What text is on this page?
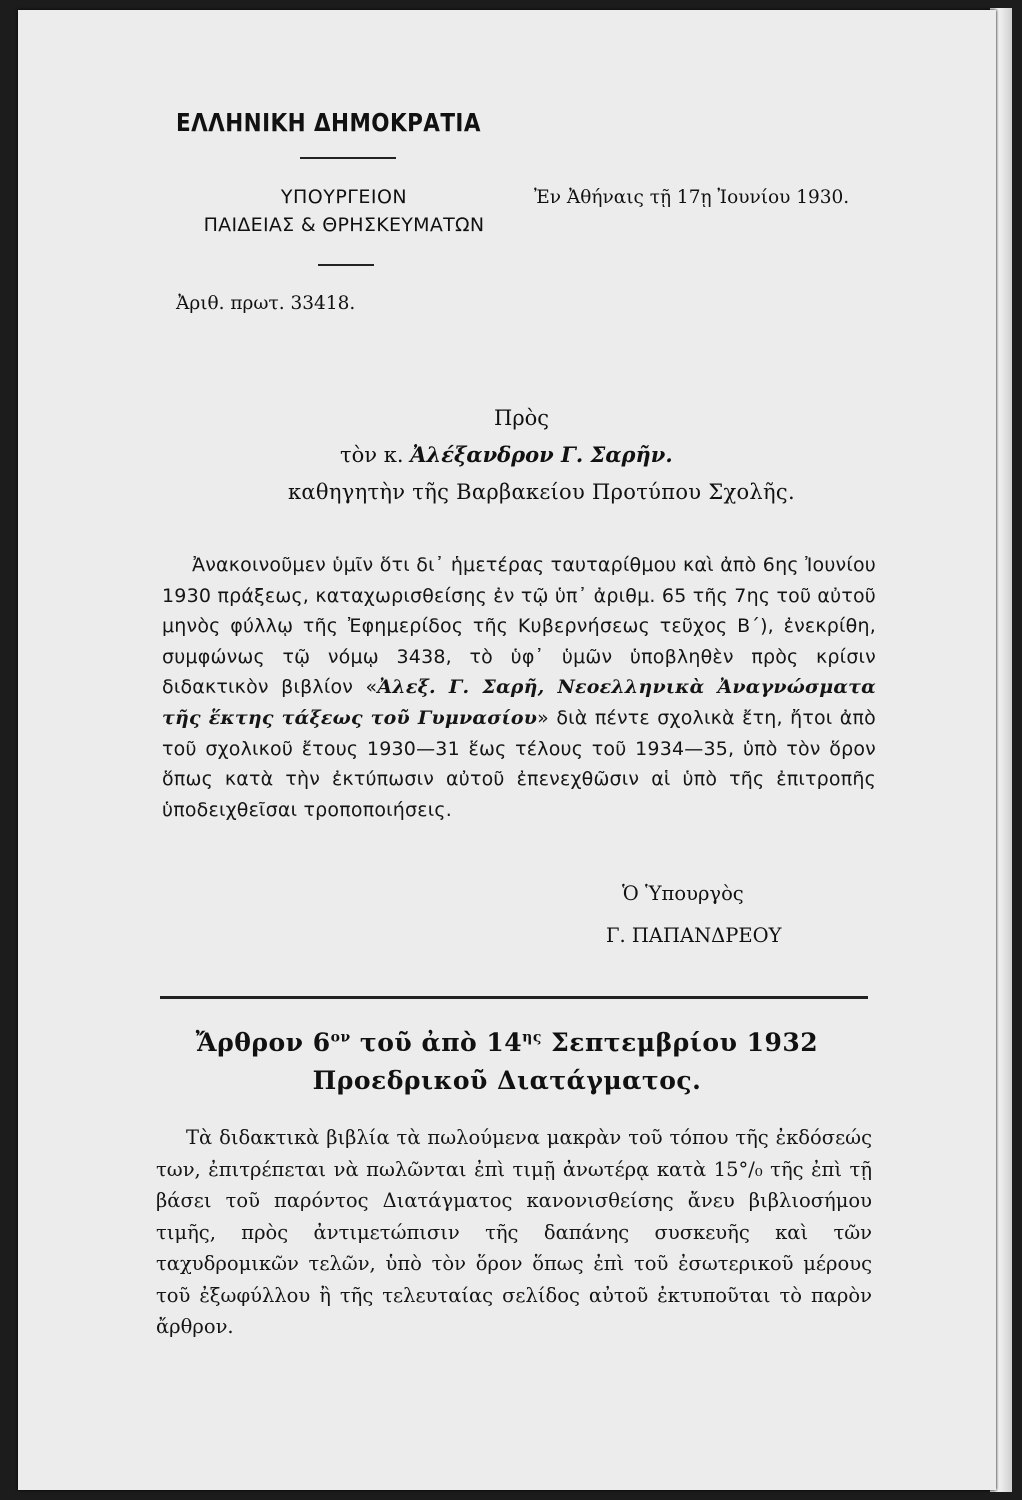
ΕΛΛΗΝΙΚΗ ΔΗΜΟΚΡΑΤΙΑ
ΥΠΟΥΡΓΕΙΟΝ
ΠΑΙΔΕΙΑΣ & ΘΡΗΣΚΕΥΜΑΤΩΝ
Ἐν Ἀθήναις τῇ 17ῃ Ἰουνίου 1930.
Ἀριθ. πρωτ. 33418.
Πρὸς
τὸν κ. Ἀλέξανδρον Γ. Σαρῆν.
καθηγητὴν τῆς Βαρβακείου Προτύπου Σχολῆς.
Ἀνακοινοῦμεν ὑμῖν ὅτι δι᾽ ἡμετέρας ταυταρίθμου καὶ ἀπὸ 6ης Ἰουνίου 1930 πράξεως, καταχωρισθείσης ἐν τῷ ὑπ᾽ ἀριθμ. 65 τῆς 7ης τοῦ αὐτοῦ μηνὸς φύλλῳ τῆς Ἐφημερίδος τῆς Κυβερνήσεως τεῦχος Β΄), ἐνεκρίθη, συμφώνως τῷ νόμῳ 3438, τὸ ὑφ᾽ ὑμῶν ὑποβληθὲν πρὸς κρίσιν διδακτικὸν βιβλίον «Ἀλεξ. Γ. Σαρῆ, Νεοελληνικὰ Ἀναγνώσματα τῆς ἕκτης τάξεως τοῦ Γυμνασίου» διὰ πέντε σχολικὰ ἔτη, ἤτοι ἀπὸ τοῦ σχολικοῦ ἔτους 1930—31 ἕως τέλους τοῦ 1934—35, ὑπὸ τὸν ὅρον ὅπως κατὰ τὴν ἐκτύπωσιν αὐτοῦ ἐπενεχθῶσιν αἱ ὑπὸ τῆς ἐπιτροπῆς ὑποδειχθεῖσαι τροποποιήσεις.
Ὁ Ὑπουργὸς
Γ. ΠΑΠΑΝΔΡΕΟΥ
Ἄρθρον $6^{o\nu}$ τοῦ ἀπὸ $14^{\eta\varsigma}$ Σεπτεμβρίου 1932
Προεδρικοῦ Διατάγματος.
Τὰ διδακτικὰ βιβλία τὰ πωλούμενα μακρὰν τοῦ τόπου τῆς ἐκδόσεώς των, ἐπιτρέπεται νὰ πωλῶνται ἐπὶ τιμῇ ἀνωτέρᾳ κατὰ 15°/₀ τῆς ἐπὶ τῇ βάσει τοῦ παρόντος Διατάγματος κανονισθείσης ἄνευ βιβλιοσήμου τιμῆς, πρὸς ἀντιμετώπισιν τῆς δαπάνης συσκευῆς καὶ τῶν ταχυδρομικῶν τελῶν, ὑπὸ τὸν ὅρον ὅπως ἐπὶ τοῦ ἐσωτερικοῦ μέρους τοῦ ἐξωφύλλου ἢ τῆς τελευταίας σελίδος αὐτοῦ ἐκτυποῦται τὸ παρὸν ἄρθρον.
